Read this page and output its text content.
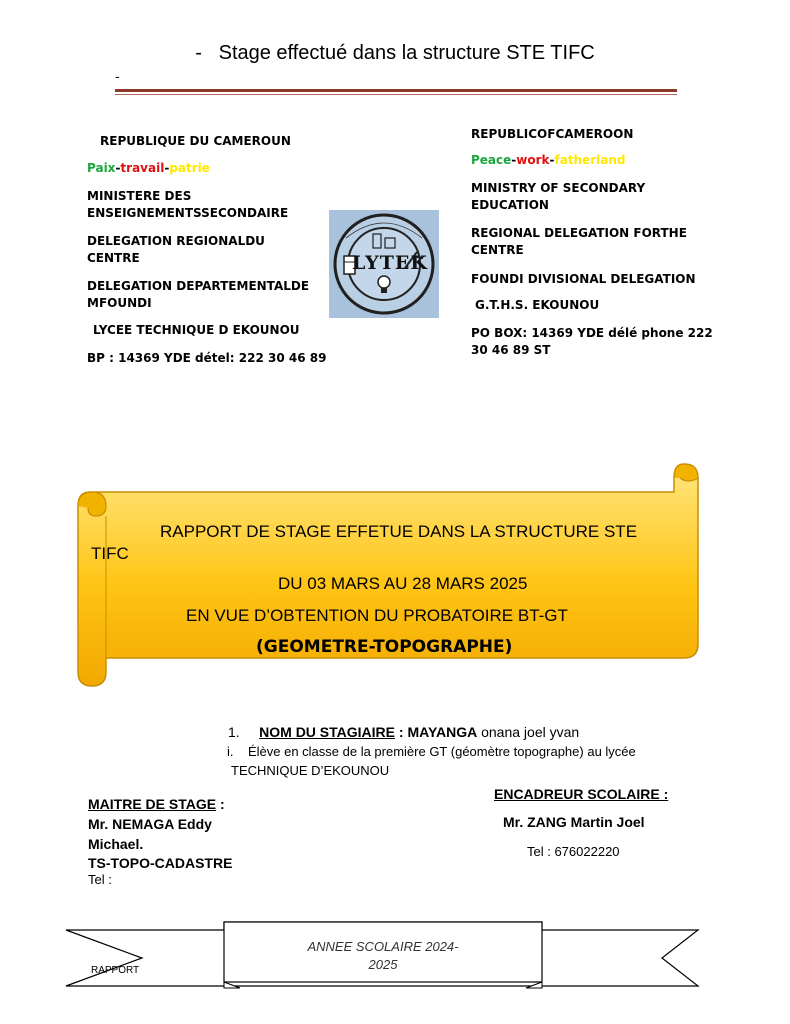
- Stage effectué dans la structure STE TIFC
-
REPUBLIQUE DU CAMEROUN
Paix-travail-patrie

MINISTERE DES

ENSEIGNEMENTSSECONDAIRE

DELEGATION REGIONALDU

CENTRE

DELEGATION DEPARTEMENTALDE

MFOUNDI

LYCEE TECHNIQUE D EKOUNOU
BP : 14369 YDE détel: 222 30 46 89
LYTEK
REPUBLICOFCAMEROON
Peace-work-fatherland

MINISTRY OF SECONDARY

EDUCATION

REGIONAL DELEGATION FORTHE

CENTRE

FOUNDI DIVISIONAL DELEGATION
G.T.H.S. EKOUNOU

PO BOX: 14369 YDE délé phone 222

30 46 89 ST

RAPPORT DE STAGE EFFETUE DANS LA STRUCTURE STE
TIFC
DU 03 MARS AU 28 MARS 2025
EN VUE D’OBTENTION DU PROBATOIRE BT-GT
(GEOMETRE-TOPOGRAPHE)
1. NOM DU STAGIAIRE : MAYANGA onana joel yvan
i. Élève en classe de la première GT (géomètre topographe) au lycée
TECHNIQUE D’EKOUNOU
MAITRE DE STAGE :
Mr. NEMAGA Eddy
Michael.
TS-TOPO-CADASTRE
Tel :
ENCADREUR SCOLAIRE :
Mr. ZANG Martin Joel
Tel : 676022220
RAPPORT
ANNEE SCOLAIRE 2024-
2025
